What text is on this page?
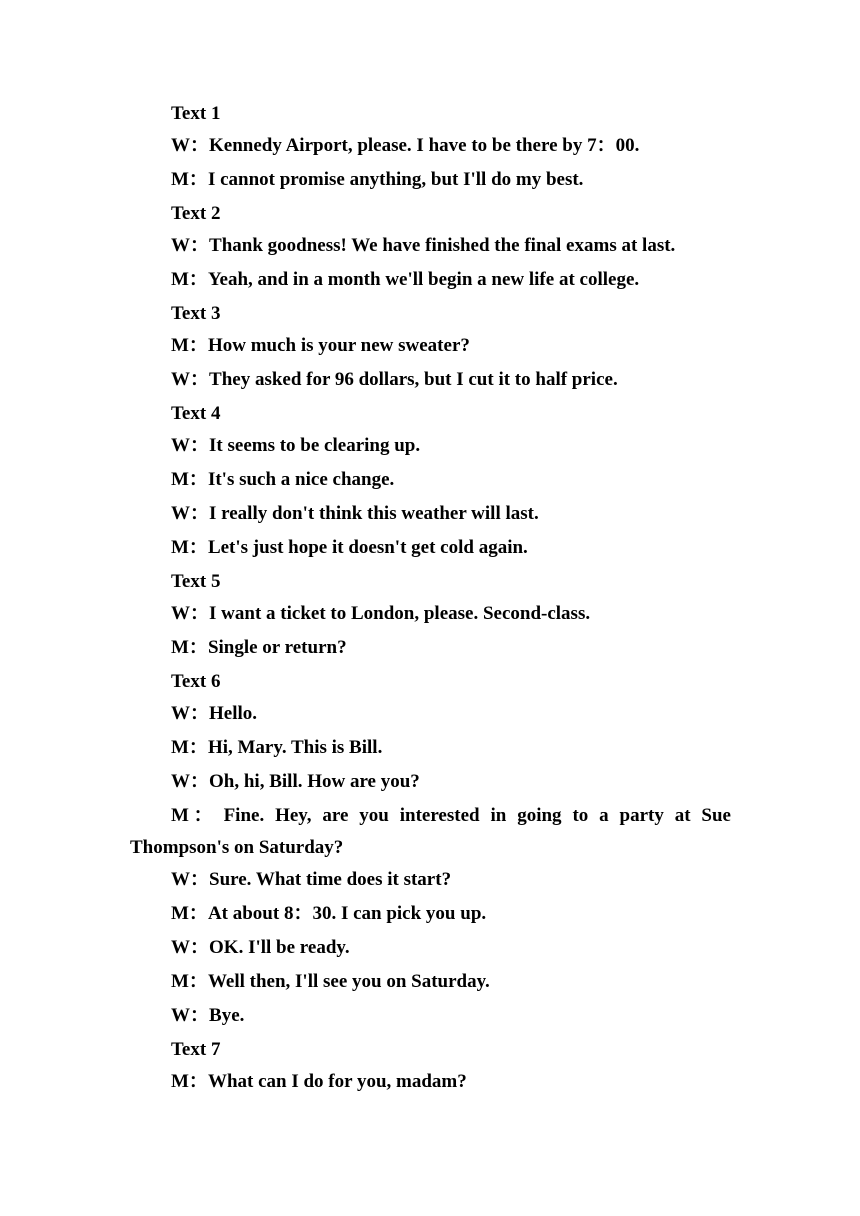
Text 1
W：Kennedy Airport, please. I have to be there by 7：00.
M：I cannot promise anything, but I'll do my best.
Text 2
W：Thank goodness! We have finished the final exams at last.
M：Yeah, and in a month we'll begin a new life at college.
Text 3
M：How much is your new sweater?
W：They asked for 96 dollars, but I cut it to half price.
Text 4
W：It seems to be clearing up.
M：It's such a nice change.
W：I really don't think this weather will last.
M：Let's just hope it doesn't get cold again.
Text 5
W：I want a ticket to London, please. Second-class.
M：Single or return?
Text 6
W：Hello.
M：Hi, Mary. This is Bill.
W：Oh, hi, Bill. How are you?
M ： Fine. Hey, are you interested in going to a party at Sue
Thompson's on Saturday?
W：Sure. What time does it start?
M：At about 8：30. I can pick you up.
W：OK. I'll be ready.
M：Well then, I'll see you on Saturday.
W：Bye.
Text 7
M：What can I do for you, madam?
